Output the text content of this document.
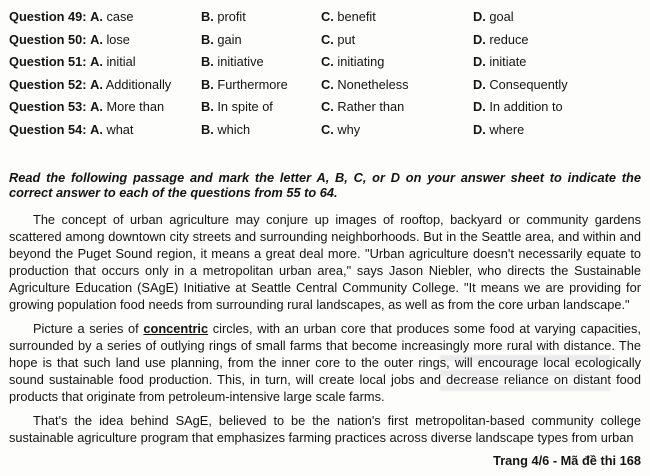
Question 49: A. case	B. profit	C. benefit	D. goal
Question 50: A. lose	B. gain	C. put	D. reduce
Question 51: A. initial	B. initiative	C. initiating	D. initiate
Question 52: A. Additionally	B. Furthermore	C. Nonetheless	D. Consequently
Question 53: A. More than	B. In spite of	C. Rather than	D. In addition to
Question 54: A. what	B. which	C. why	D. where
Read the following passage and mark the letter A, B, C, or D on your answer sheet to indicate the correct answer to each of the questions from 55 to 64.

The concept of urban agriculture may conjure up images of rooftop, backyard or community gardens scattered among downtown city streets and surrounding neighborhoods. But in the Seattle area, and within and beyond the Puget Sound region, it means a great deal more. "Urban agriculture doesn't necessarily equate to production that occurs only in a metropolitan urban area," says Jason Niebler, who directs the Sustainable Agriculture Education (SAgE) Initiative at Seattle Central Community College. "It means we are providing for growing population food needs from surrounding rural landscapes, as well as from the core urban landscape."

Picture a series of concentric circles, with an urban core that produces some food at varying capacities, surrounded by a series of outlying rings of small farms that become increasingly more rural with distance. The hope is that such land use planning, from the inner core to the outer rings, will encourage local ecologically sound sustainable food production. This, in turn, will create local jobs and decrease reliance on distant food products that originate from petroleum-intensive large scale farms.

That's the idea behind SAgE, believed to be the nation's first metropolitan-based community college sustainable agriculture program that emphasizes farming practices across diverse landscape types from urban

Trang 4/6 - Mã đề thi 168
